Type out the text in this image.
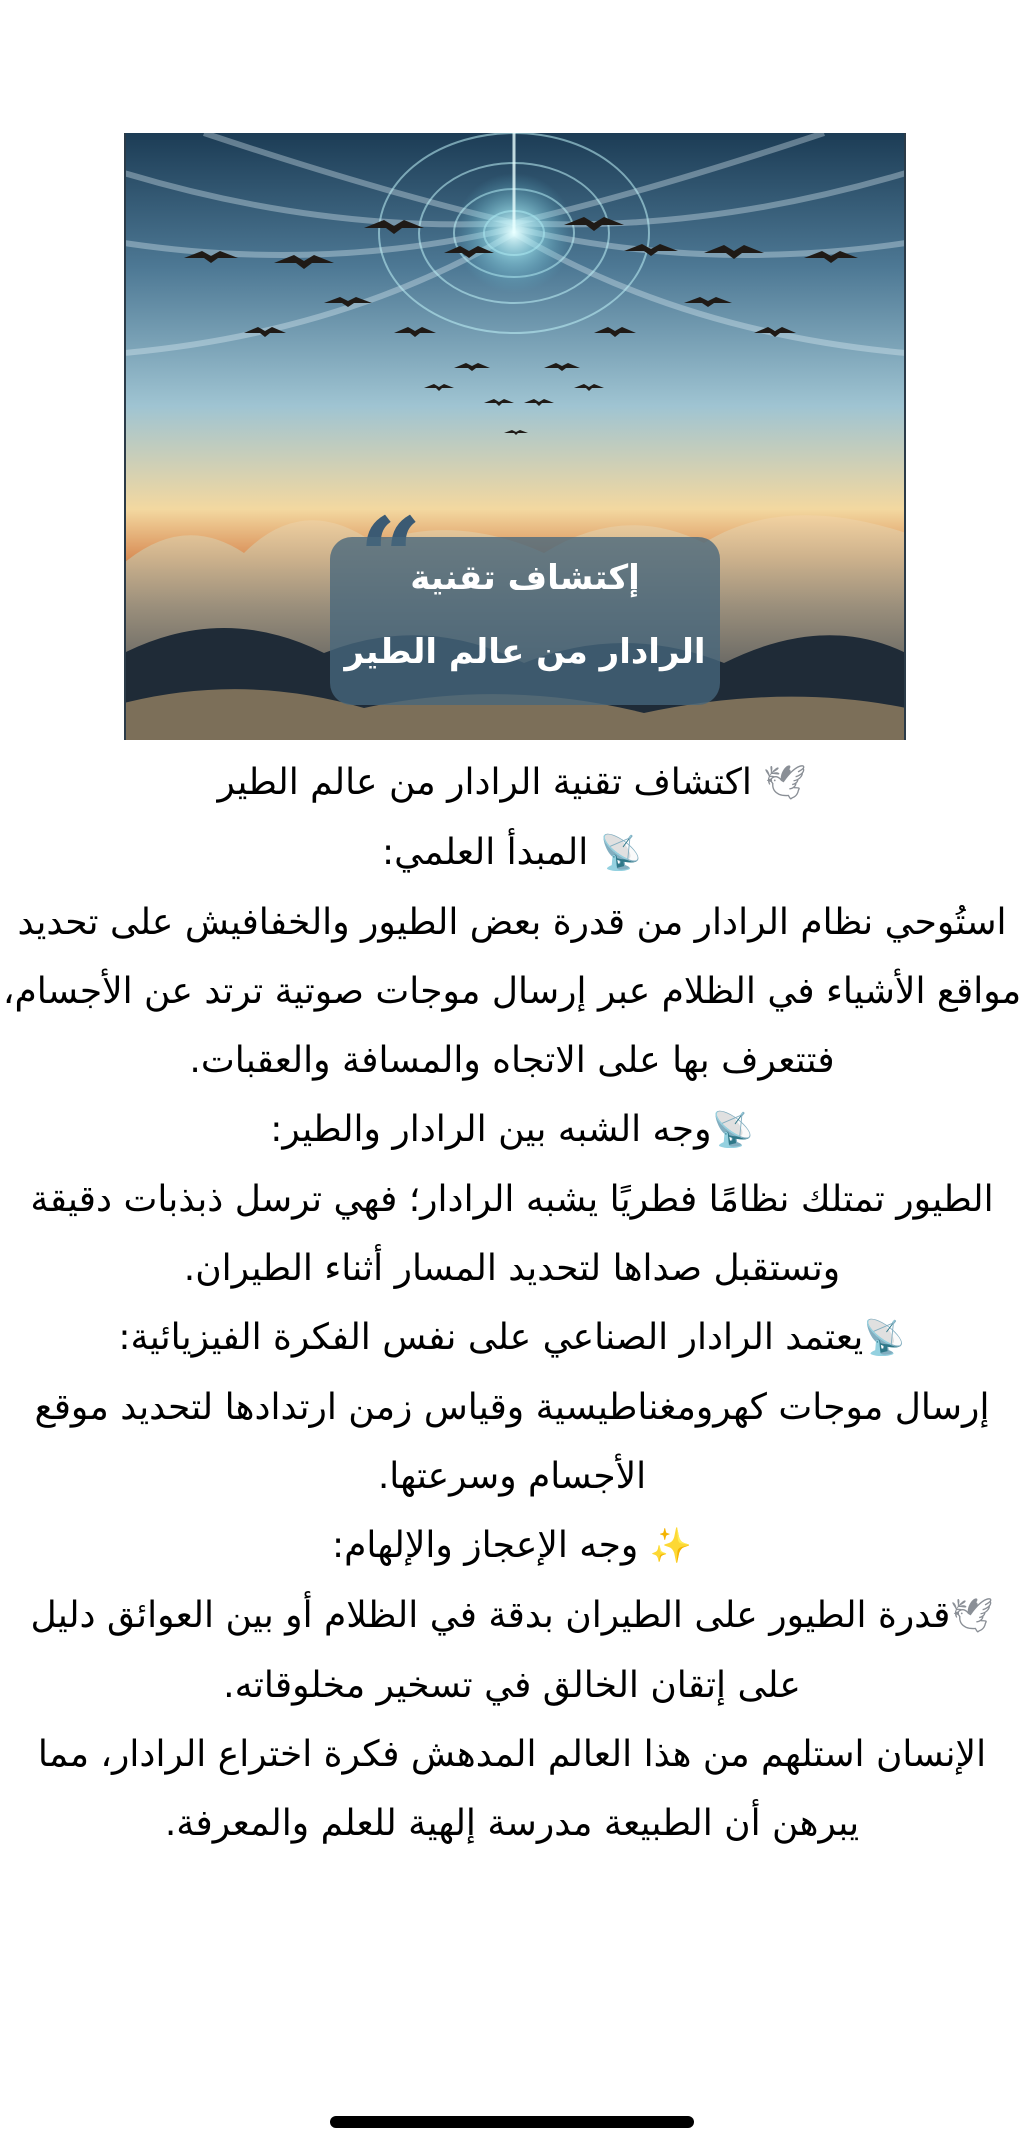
إكتشاف تقنية
الرادار من عالم الطير

🕊 اكتشاف تقنية الرادار من عالم الطير

📡 المبدأ العلمي:

استُوحي نظام الرادار من قدرة بعض الطيور والخفافيش على تحديد مواقع الأشياء في الظلام عبر إرسال موجات صوتية ترتد عن الأجسام، فتتعرف بها على الاتجاه والمسافة والعقبات.

📡وجه الشبه بين الرادار والطير:

الطيور تمتلك نظامًا فطريًا يشبه الرادار؛ فهي ترسل ذبذبات دقيقة وتستقبل صداها لتحديد المسار أثناء الطيران.

📡يعتمد الرادار الصناعي على نفس الفكرة الفيزيائية:

إرسال موجات كهرومغناطيسية وقياس زمن ارتدادها لتحديد موقع الأجسام وسرعتها.

✨ وجه الإعجاز والإلهام:

🕊قدرة الطيور على الطيران بدقة في الظلام أو بين العوائق دليل على إتقان الخالق في تسخير مخلوقاته.

الإنسان استلهم من هذا العالم المدهش فكرة اختراع الرادار، مما يبرهن أن الطبيعة مدرسة إلهية للعلم والمعرفة.
